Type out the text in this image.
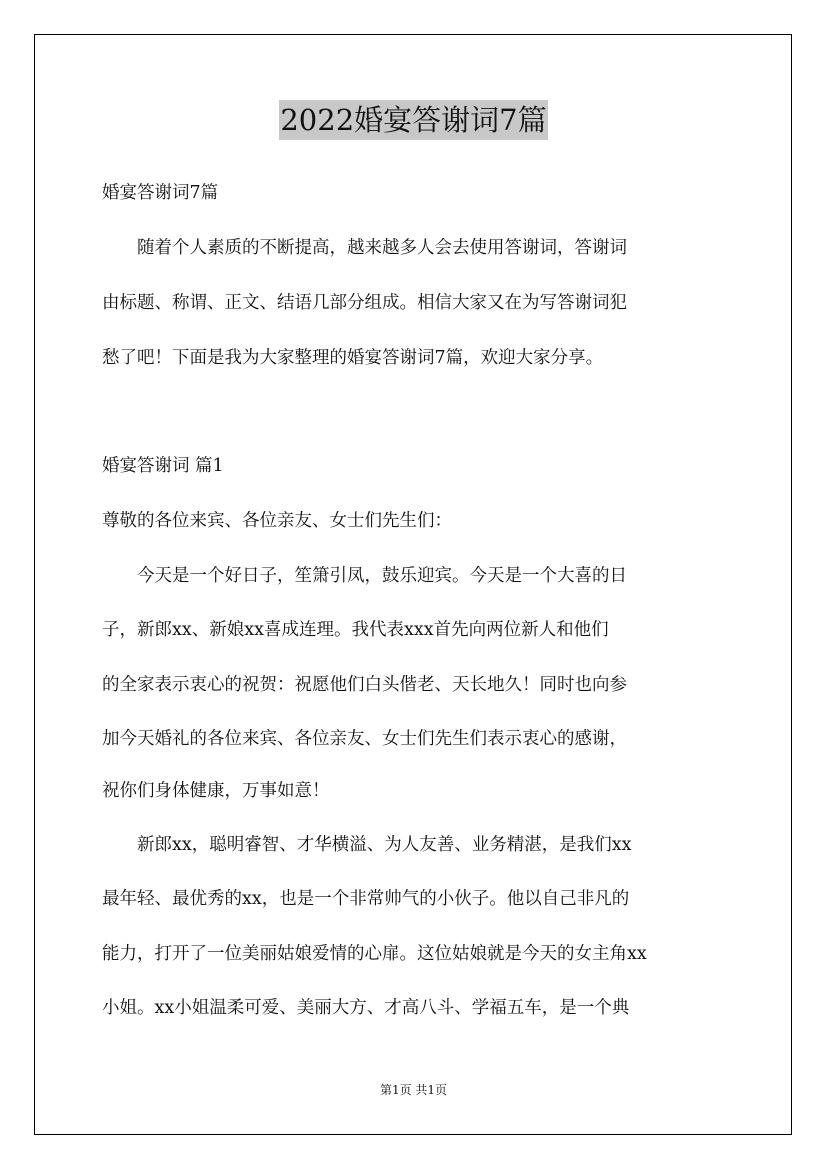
2022婚宴答谢词7篇
婚宴答谢词7篇
　　随着个人素质的不断提高，越来越多人会去使用答谢词，答谢词
由标题、称谓、正文、结语几部分组成。相信大家又在为写答谢词犯
愁了吧！下面是我为大家整理的婚宴答谢词7篇，欢迎大家分享。
婚宴答谢词 篇1
尊敬的各位来宾、各位亲友、女士们先生们：
　　今天是一个好日子，笙箫引凤，鼓乐迎宾。今天是一个大喜的日
子，新郎xx、新娘xx喜成连理。我代表xxx首先向两位新人和他们
的全家表示衷心的祝贺：祝愿他们白头偕老、天长地久！同时也向参
加今天婚礼的各位来宾、各位亲友、女士们先生们表示衷心的感谢，
祝你们身体健康，万事如意！
　　新郎xx，聪明睿智、才华横溢、为人友善、业务精湛，是我们xx
最年轻、最优秀的xx，也是一个非常帅气的小伙子。他以自己非凡的
能力，打开了一位美丽姑娘爱情的心扉。这位姑娘就是今天的女主角xx
小姐。xx小姐温柔可爱、美丽大方、才高八斗、学福五车，是一个典
第1页 共1页
